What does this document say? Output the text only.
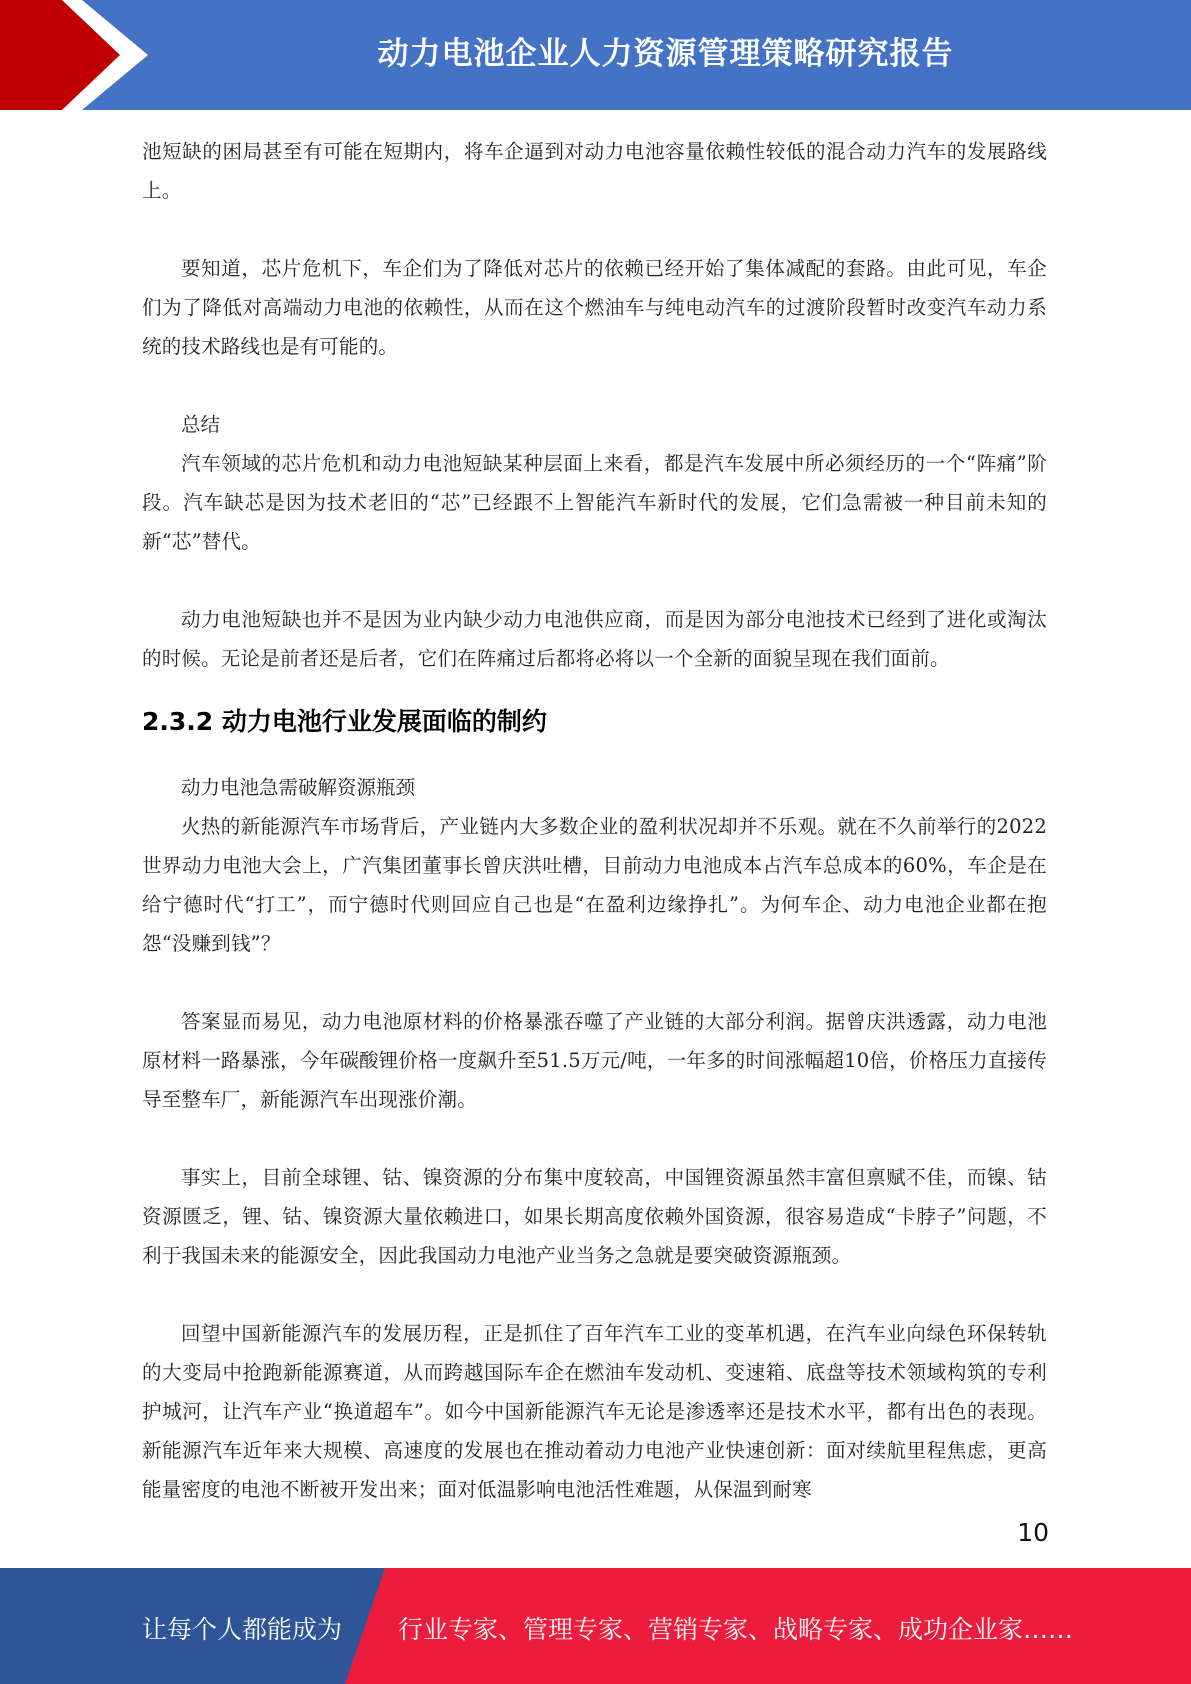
动力电池企业人力资源管理策略研究报告

池短缺的困局甚至有可能在短期内，将车企逼到对动力电池容量依赖性较低的混合动力汽车的发展路线上。

要知道，芯片危机下，车企们为了降低对芯片的依赖已经开始了集体减配的套路。由此可见，车企们为了降低对高端动力电池的依赖性，从而在这个燃油车与纯电动汽车的过渡阶段暂时改变汽车动力系统的技术路线也是有可能的。

总结

汽车领域的芯片危机和动力电池短缺某种层面上来看，都是汽车发展中所必须经历的一个“阵痛”阶段。汽车缺芯是因为技术老旧的“芯”已经跟不上智能汽车新时代的发展，它们急需被一种目前未知的新“芯”替代。

动力电池短缺也并不是因为业内缺少动力电池供应商，而是因为部分电池技术已经到了进化或淘汰的时候。无论是前者还是后者，它们在阵痛过后都将必将以一个全新的面貌呈现在我们面前。

2.3.2 动力电池行业发展面临的制约

动力电池急需破解资源瓶颈

火热的新能源汽车市场背后，产业链内大多数企业的盈利状况却并不乐观。就在不久前举行的2022世界动力电池大会上，广汽集团董事长曾庆洪吐槽，目前动力电池成本占汽车总成本的60%，车企是在给宁德时代“打工”，而宁德时代则回应自己也是“在盈利边缘挣扎”。为何车企、动力电池企业都在抱怨“没赚到钱”？

答案显而易见，动力电池原材料的价格暴涨吞噬了产业链的大部分利润。据曾庆洪透露，动力电池原材料一路暴涨，今年碳酸锂价格一度飙升至51.5万元/吨，一年多的时间涨幅超10倍，价格压力直接传导至整车厂，新能源汽车出现涨价潮。

事实上，目前全球锂、钴、镍资源的分布集中度较高，中国锂资源虽然丰富但禀赋不佳，而镍、钴资源匮乏，锂、钴、镍资源大量依赖进口，如果长期高度依赖外国资源，很容易造成“卡脖子”问题，不利于我国未来的能源安全，因此我国动力电池产业当务之急就是要突破资源瓶颈。

回望中国新能源汽车的发展历程，正是抓住了百年汽车工业的变革机遇，在汽车业向绿色环保转轨的大变局中抢跑新能源赛道，从而跨越国际车企在燃油车发动机、变速箱、底盘等技术领域构筑的专利护城河，让汽车产业“换道超车”。如今中国新能源汽车无论是渗透率还是技术水平，都有出色的表现。新能源汽车近年来大规模、高速度的发展也在推动着动力电池产业快速创新：面对续航里程焦虑，更高能量密度的电池不断被开发出来；面对低温影响电池活性难题，从保温到耐寒

10
让每个人都能成为 行业专家、管理专家、营销专家、战略专家、成功企业家……
